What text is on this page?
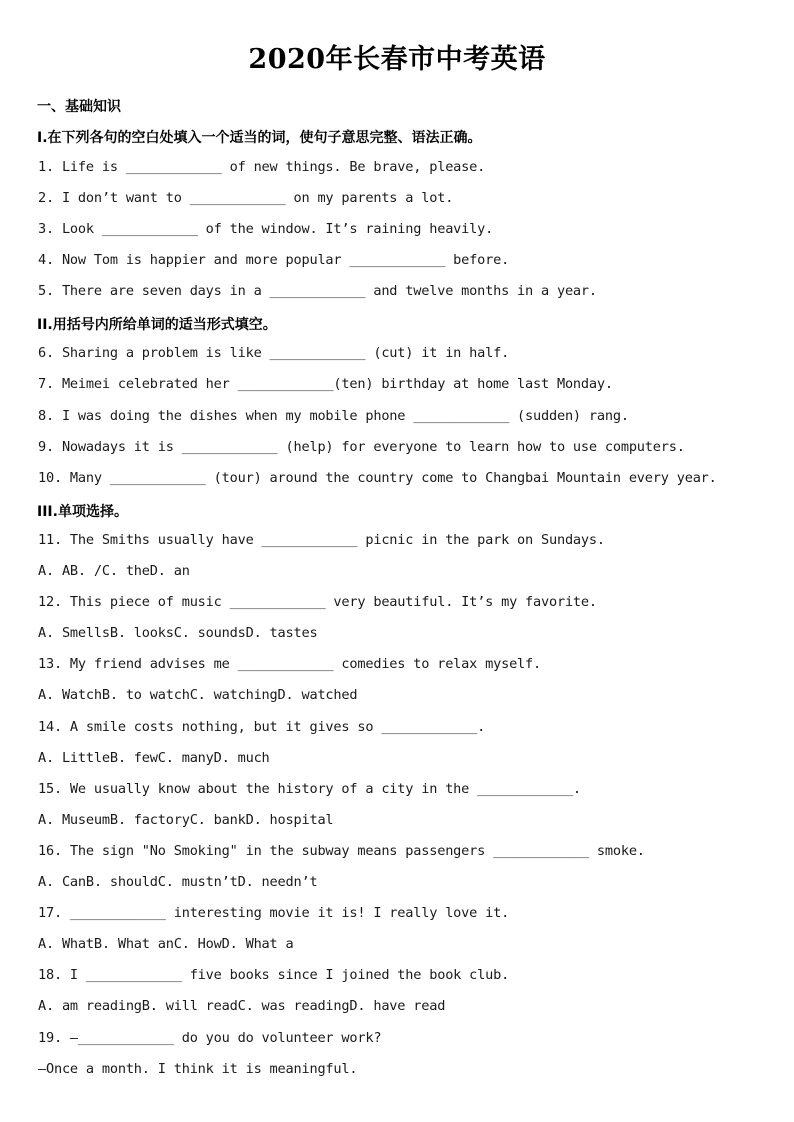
2020年长春市中考英语
一、基础知识
I.在下列各句的空白处填入一个适当的词，使句子意思完整、语法正确。
1. Life is ____________ of new things. Be brave, please.
2. I don’t want to ____________ on my parents a lot.
3. Look ____________ of the window. It’s raining heavily.
4. Now Tom is happier and more popular ____________ before.
5. There are seven days in a ____________ and twelve months in a year.
II.用括号内所给单词的适当形式填空。
6. Sharing a problem is like ____________ (cut) it in half.
7. Meimei celebrated her ____________(ten) birthday at home last Monday.
8. I was doing the dishes when my mobile phone ____________ (sudden) rang.
9. Nowadays it is ____________ (help) for everyone to learn how to use computers.
10. Many ____________ (tour) around the country come to Changbai Mountain every year.
III.单项选择。
11. The Smiths usually have ____________ picnic in the park on Sundays.
A. AB. /C. theD. an
12. This piece of music ____________ very beautiful. It’s my favorite.
A. SmellsB. looksC. soundsD. tastes
13. My friend advises me ____________ comedies to relax myself.
A. WatchB. to watchC. watchingD. watched
14. A smile costs nothing, but it gives so ____________.
A. LittleB. fewC. manyD. much
15. We usually know about the history of a city in the ____________.
A. MuseumB. factoryC. bankD. hospital
16. The sign "No Smoking" in the subway means passengers ____________ smoke.
A. CanB. shouldC. mustn’tD. needn’t
17. ____________ interesting movie it is! I really love it.
A. WhatB. What anC. HowD. What a
18. I ____________ five books since I joined the book club.
A. am readingB. will readC. was readingD. have read
19. —____________ do you do volunteer work?
—Once a month. I think it is meaningful.
